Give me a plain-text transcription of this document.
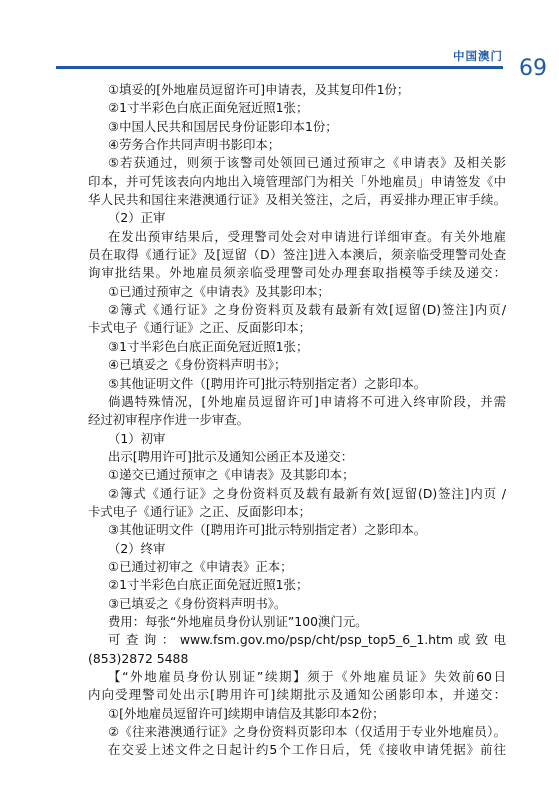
中国澳门 69
①填妥的[外地雇员逗留许可]申请表，及其复印件1份；
②1寸半彩色白底正面免冠近照1张；
③中国人民共和国居民身份证影印本1份；
④劳务合作共同声明书影印本；
⑤若获通过，则须于该警司处领回已通过预审之《申请表》及相关影
印本，并可凭该表向内地出入境管理部门为相关「外地雇员」申请签发《中
华人民共和国往来港澳通行证》及相关签注，之后，再妥排办理正审手续。
（2）正审
在发出预审结果后，受理警司处会对申请进行详细审查。有关外地雇
员在取得《通行证》及[逗留（D）签注]进入本澳后，须亲临受理警司处查
询审批结果。外地雇员须亲临受理警司处办理套取指模等手续及递交：
①已通过预审之《申请表》及其影印本；
②簿式《通行证》之身份资料页及载有最新有效[逗留(D)签注]内页/
卡式电子《通行证》之正、反面影印本；
③1寸半彩色白底正面免冠近照1张；
④已填妥之《身份资料声明书》；
⑤其他证明文件（[聘用许可]批示特别指定者）之影印本。
倘遇特殊情况，[外地雇员逗留许可]申请将不可进入终审阶段，并需
经过初审程序作进一步审查。
（1）初审
出示[聘用许可]批示及通知公函正本及递交：
①递交已通过预审之《申请表》及其影印本；
②簿式《通行证》之身份资料页及载有最新有效[逗留(D)签注]内页 /
卡式电子《通行证》之正、反面影印本；
③其他证明文件（[聘用许可]批示特别指定者）之影印本。
（2）终审
①已通过初审之《申请表》正本；
②1寸半彩色白底正面免冠近照1张；
③已填妥之《身份资料声明书》。
费用：每张“外地雇员身份认别证”100澳门元。
可 查 询 ： www.fsm.gov.mo/psp/cht/psp_top5_6_1.htm 或 致 电
(853)2872 5488
【“外地雇员身份认别证”续期】须于《外地雇员证》失效前60日
内向受理警司处出示[聘用许可]续期批示及通知公函影印本，并递交：
①[外地雇员逗留许可]续期申请信及其影印本2份；
②《往来港澳通行证》之身份资料页影印本（仅适用于专业外地雇员）。
在交妥上述文件之日起计约5个工作日后，凭《接收申请凭据》前往
